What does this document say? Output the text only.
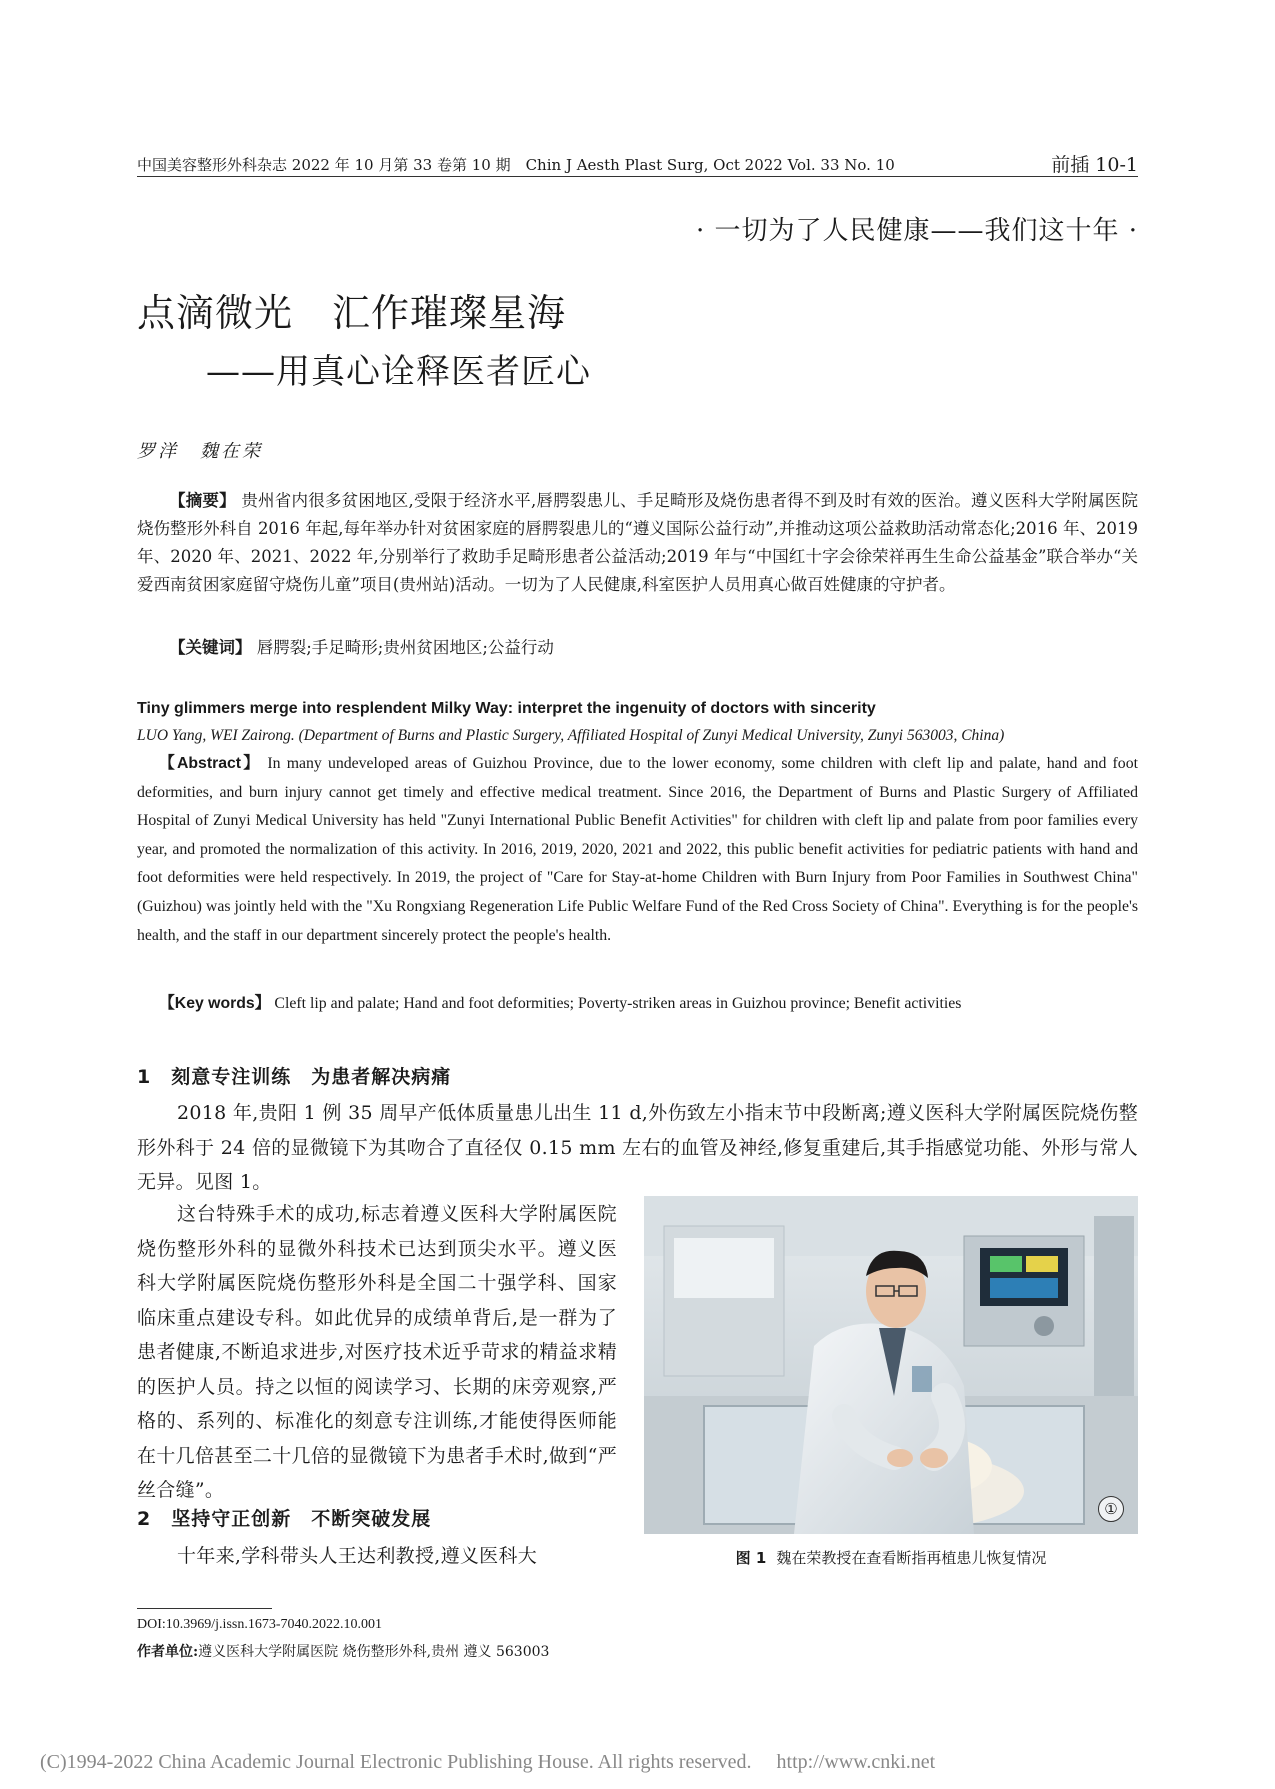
中国美容整形外科杂志 2022 年 10 月第 33 卷第 10 期　Chin J Aesth Plast Surg, Oct 2022 Vol. 33 No. 10	前插 10-1
· 一切为了人民健康——我们这十年 ·
点滴微光　汇作璀璨星海
——用真心诠释医者匠心
罗洋　魏在荣

【摘要】 贵州省内很多贫困地区,受限于经济水平,唇腭裂患儿、手足畸形及烧伤患者得不到及时有效的医治。遵义医科大学附属医院烧伤整形外科自 2016 年起,每年举办针对贫困家庭的唇腭裂患儿的“遵义国际公益行动”,并推动这项公益救助活动常态化;2016 年、2019 年、2020 年、2021、2022 年,分别举行了救助手足畸形患者公益活动;2019 年与“中国红十字会徐荣祥再生生命公益基金”联合举办“关爱西南贫困家庭留守烧伤儿童”项目(贵州站)活动。一切为了人民健康,科室医护人员用真心做百姓健康的守护者。

【关键词】 唇腭裂;手足畸形;贵州贫困地区;公益行动

Tiny glimmers merge into resplendent Milky Way: interpret the ingenuity of doctors with sincerity
LUO Yang, WEI Zairong. (Department of Burns and Plastic Surgery, Affiliated Hospital of Zunyi Medical University, Zunyi 563003, China)

【Abstract】 In many undeveloped areas of Guizhou Province, due to the lower economy, some children with cleft lip and palate, hand and foot deformities, and burn injury cannot get timely and effective medical treatment. Since 2016, the Department of Burns and Plastic Surgery of Affiliated Hospital of Zunyi Medical University has held "Zunyi International Public Benefit Activities" for children with cleft lip and palate from poor families every year, and promoted the normalization of this activity. In 2016, 2019, 2020, 2021 and 2022, this public benefit activities for pediatric patients with hand and foot deformities were held respectively. In 2019, the project of "Care for Stay-at-home Children with Burn Injury from Poor Families in Southwest China" (Guizhou) was jointly held with the "Xu Rongxiang Regeneration Life Public Welfare Fund of the Red Cross Society of China". Everything is for the people's health, and the staff in our department sincerely protect the people's health.

【Key words】 Cleft lip and palate; Hand and foot deformities; Poverty-striken areas in Guizhou province; Benefit activities

1　刻意专注训练　为患者解决病痛

2018 年,贵阳 1 例 35 周早产低体质量患儿出生 11 d,外伤致左小指末节中段断离;遵义医科大学附属医院烧伤整形外科于 24 倍的显微镜下为其吻合了直径仅 0.15 mm 左右的血管及神经,修复重建后,其手指感觉功能、外形与常人无异。见图 1。

这台特殊手术的成功,标志着遵义医科大学附属医院烧伤整形外科的显微外科技术已达到顶尖水平。遵义医科大学附属医院烧伤整形外科是全国二十强学科、国家临床重点建设专科。如此优异的成绩单背后,是一群为了患者健康,不断追求进步,对医疗技术近乎苛求的精益求精的医护人员。持之以恒的阅读学习、长期的床旁观察,严格的、系列的、标准化的刻意专注训练,才能使得医师能在十几倍甚至二十几倍的显微镜下为患者手术时,做到“严丝合缝”。

2　坚持守正创新　不断突破发展

十年来,学科带头人王达利教授,遵义医科大

①
图 1 魏在荣教授在查看断指再植患儿恢复情况
DOI:10.3969/j.issn.1673-7040.2022.10.001
作者单位:遵义医科大学附属医院 烧伤整形外科,贵州 遵义 563003
(C)1994-2022 China Academic Journal Electronic Publishing House. All rights reserved.　 http://www.cnki.net
